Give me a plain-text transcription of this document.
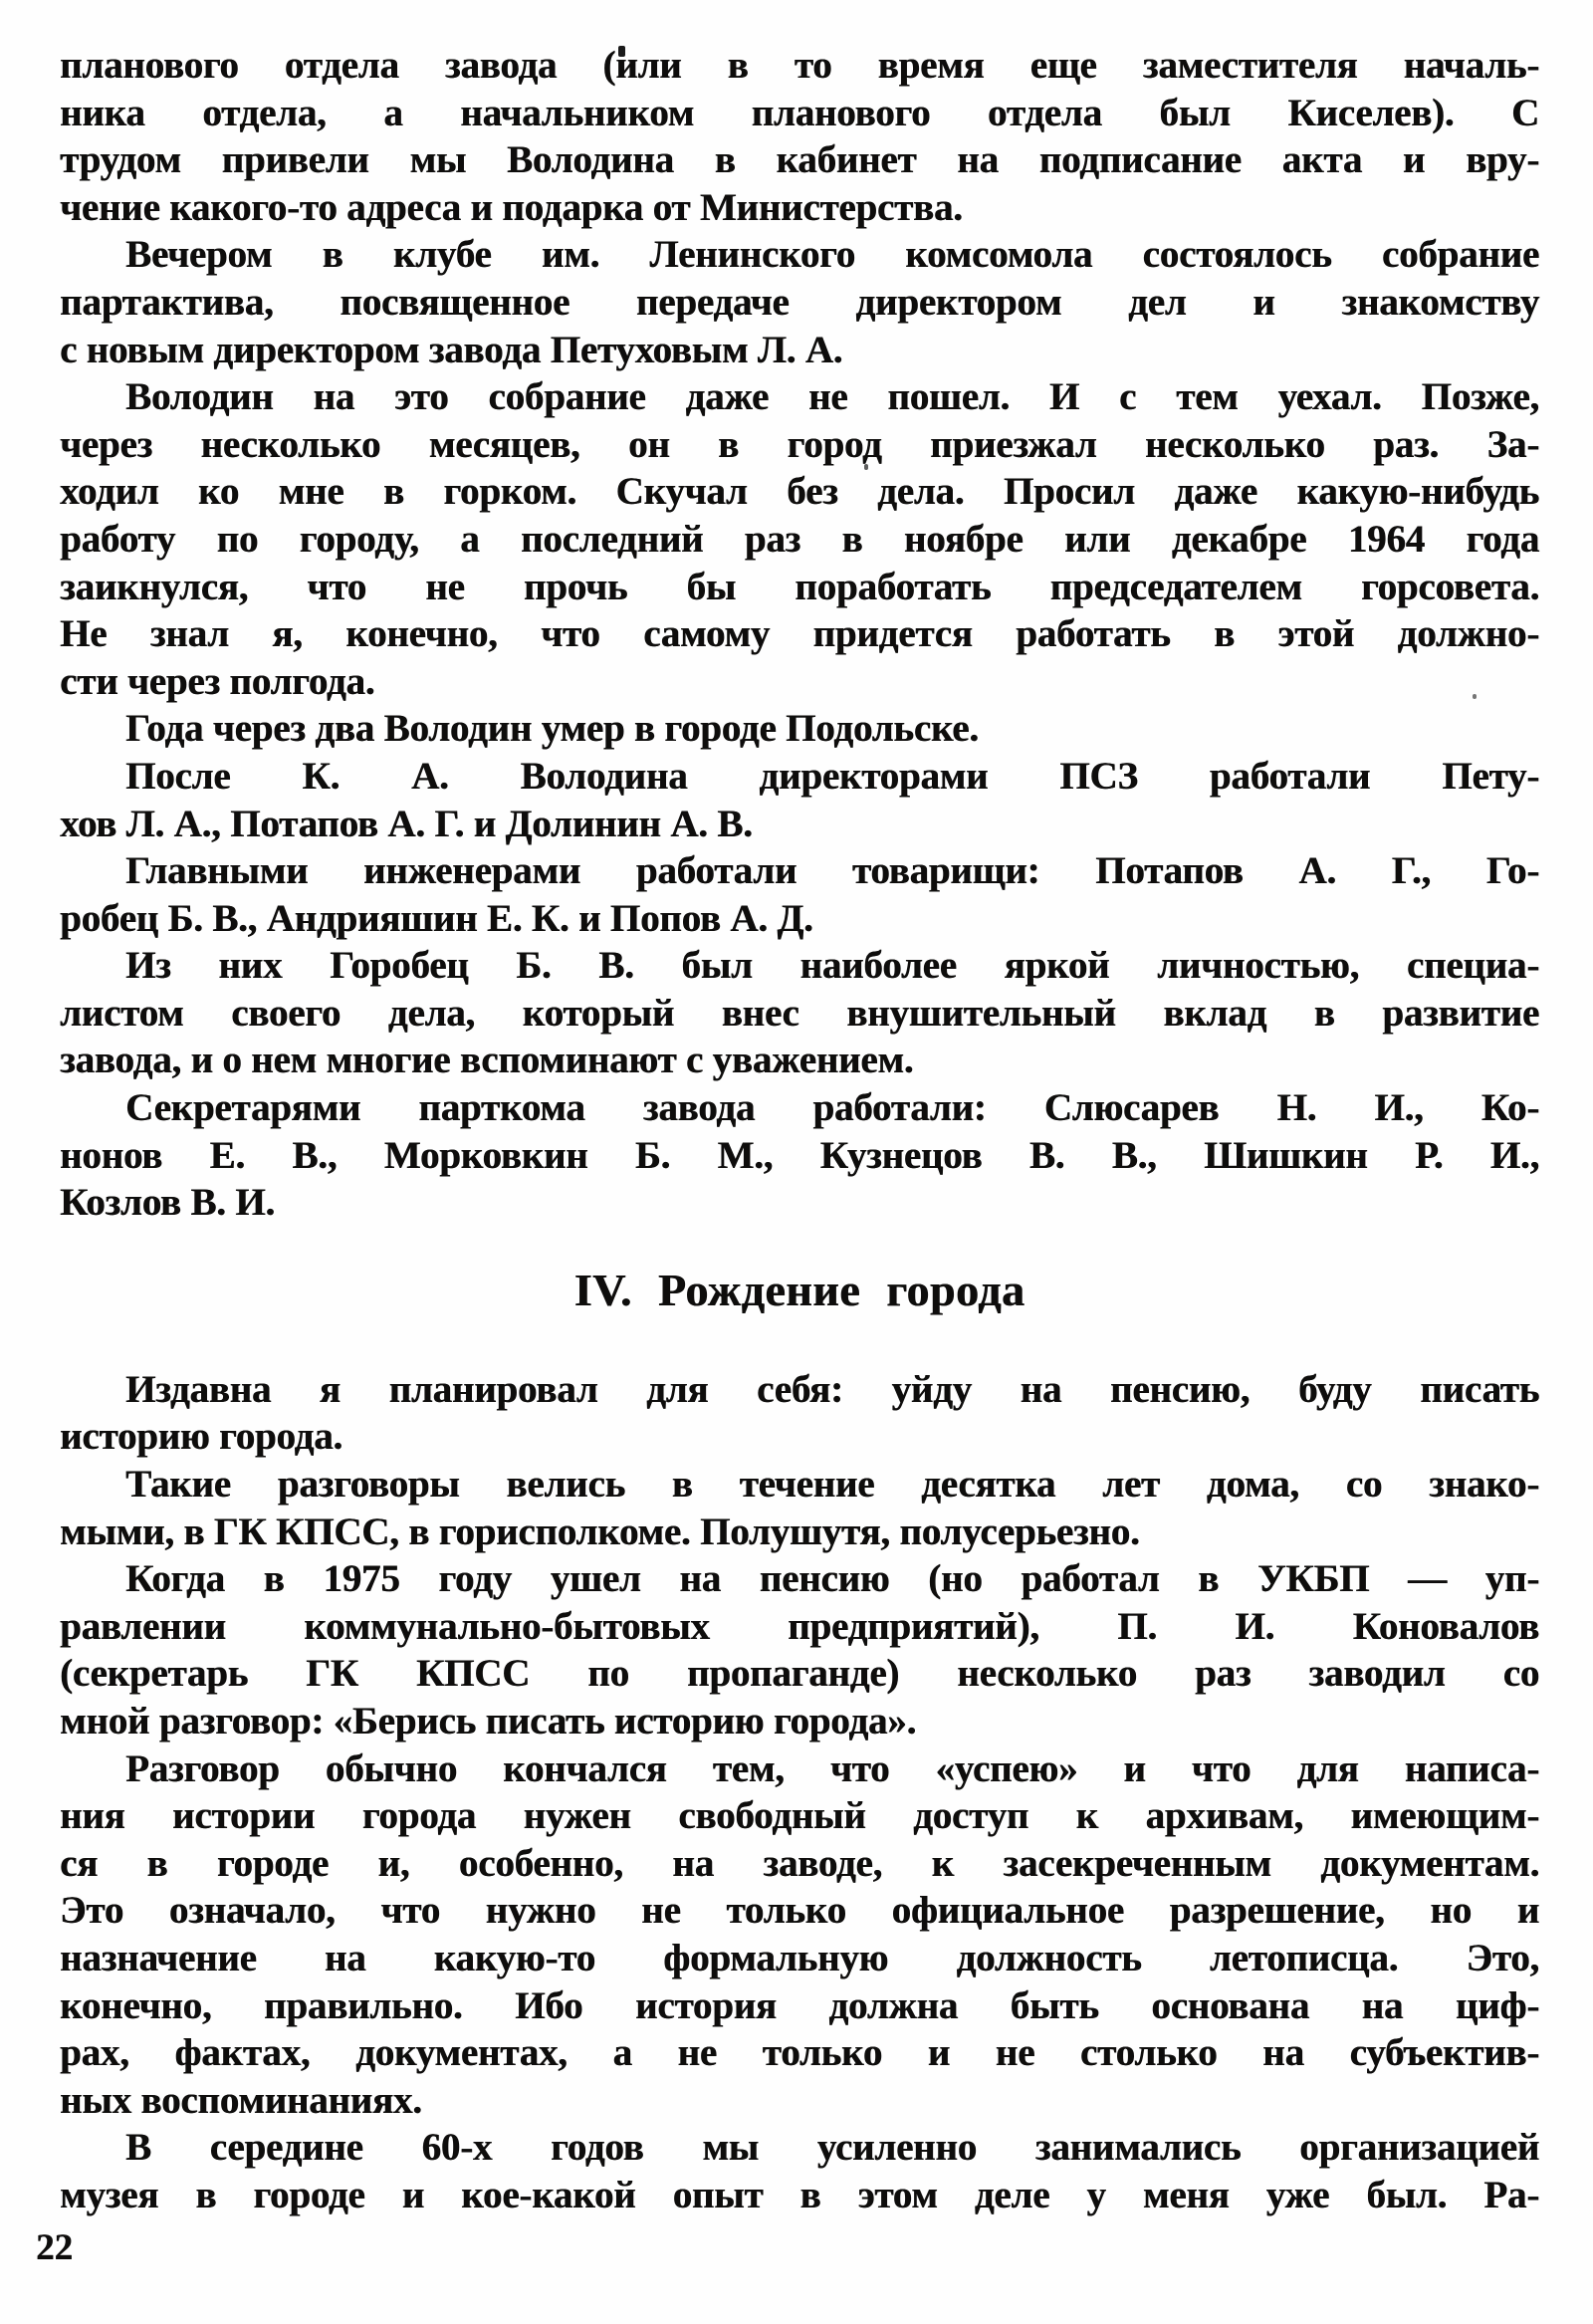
планового отдела завода (или в то время еще заместителя началь-
ника отдела, а начальником планового отдела был Киселев). С
трудом привели мы Володина в кабинет на подписание акта и вру-
чение какого-то адреса и подарка от Министерства.

Вечером в клубе им. Ленинского комсомола состоялось собрание
партактива, посвященное передаче директором дел и знакомству
с новым директором завода Петуховым Л. А.

Володин на это собрание даже не пошел. И с тем уехал. Позже,
через несколько месяцев, он в город приезжал несколько раз. За-
ходил ко мне в горком. Скучал без дела. Просил даже какую-нибудь
работу по городу, а последний раз в ноябре или декабре 1964 года
заикнулся, что не прочь бы поработать председателем горсовета.
Не знал я, конечно, что самому придется работать в этой должно-
сти через полгода.

Года через два Володин умер в городе Подольске.

После К. А. Володина директорами ПСЗ работали Пету-
хов Л. А., Потапов А. Г. и Долинин А. В.

Главными инженерами работали товарищи: Потапов А. Г., Го-
робец Б. В., Андрияшин Е. К. и Попов А. Д.

Из них Горобец Б. В. был наиболее яркой личностью, специа-
листом своего дела, который внес внушительный вклад в развитие
завода, и о нем многие вспоминают с уважением.

Секретарями парткома завода работали: Слюсарев Н. И., Ко-
нонов Е. В., Морковкин Б. М., Кузнецов В. В., Шишкин Р. И.,
Козлов В. И.

IV. Рождение города

Издавна я планировал для себя: уйду на пенсию, буду писать
историю города.

Такие разговоры велись в течение десятка лет дома, со знако-
мыми, в ГК КПСС, в горисполкоме. Полушутя, полусерьезно.

Когда в 1975 году ушел на пенсию (но работал в УКБП — уп-
равлении коммунально-бытовых предприятий), П. И. Коновалов
(секретарь ГК КПСС по пропаганде) несколько раз заводил со
мной разговор: «Берись писать историю города».

Разговор обычно кончался тем, что «успею» и что для написа-
ния истории города нужен свободный доступ к архивам, имеющим-
ся в городе и, особенно, на заводе, к засекреченным документам.
Это означало, что нужно не только официальное разрешение, но и
назначение на какую-то формальную должность летописца. Это,
конечно, правильно. Ибо история должна быть основана на циф-
рах, фактах, документах, а не только и не столько на субъектив-
ных воспоминаниях.

В середине 60-х годов мы усиленно занимались организацией
музея в городе и кое-какой опыт в этом деле у меня уже был. Ра-

22
